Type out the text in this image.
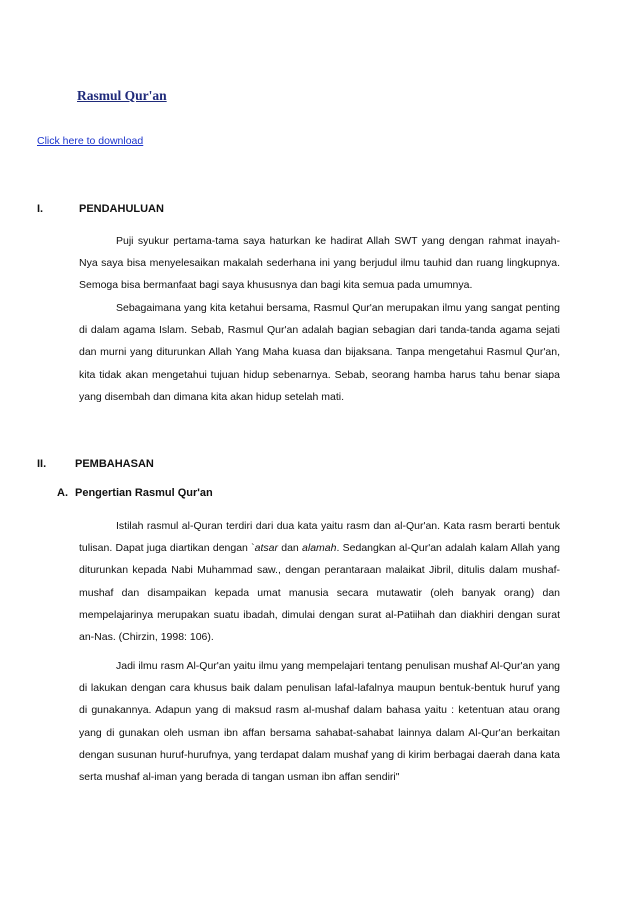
Rasmul Qur'an
Click here to download
I.	PENDAHULUAN

Puji syukur pertama-tama saya haturkan ke hadirat Allah SWT yang dengan rahmat inayah-Nya saya bisa menyelesaikan makalah sederhana ini yang berjudul ilmu tauhid dan ruang lingkupnya. Semoga bisa bermanfaat bagi saya khususnya dan bagi kita semua pada umumnya.

Sebagaimana yang kita ketahui bersama, Rasmul Qur'an merupakan ilmu yang sangat penting di dalam agama Islam. Sebab, Rasmul Qur'an adalah bagian sebagian dari tanda-tanda agama sejati dan murni yang diturunkan Allah Yang Maha kuasa dan bijaksana. Tanpa mengetahui Rasmul Qur'an, kita tidak akan mengetahui tujuan hidup sebenarnya. Sebab, seorang hamba harus tahu benar siapa yang disembah dan dimana kita akan hidup setelah mati.

II.	PEMBAHASAN
A. Pengertian Rasmul Qur'an

Istilah rasmul al-Quran terdiri dari dua kata yaitu rasm dan al-Qur'an. Kata rasm berarti bentuk tulisan. Dapat juga diartikan dengan `atsar dan alamah. Sedangkan al-Qur'an adalah kalam Allah yang diturunkan kepada Nabi Muhammad saw., dengan perantaraan malaikat Jibril, ditulis dalam mushaf-mushaf dan disampaikan kepada umat manusia secara mutawatir (oleh banyak orang) dan mempelajarinya merupakan suatu ibadah, dimulai dengan surat al-Patiihah dan diakhiri dengan surat an-Nas. (Chirzin, 1998: 106).

Jadi ilmu rasm Al-Qur'an yaitu ilmu yang mempelajari tentang penulisan mushaf Al-Qur'an yang di lakukan dengan cara khusus baik dalam penulisan lafal-lafalnya maupun bentuk-bentuk huruf yang di gunakannya. Adapun yang di maksud rasm al-mushaf dalam bahasa yaitu : ketentuan atau orang yang di gunakan oleh usman ibn affan bersama sahabat-sahabat lainnya dalam Al-Qur'an berkaitan dengan susunan huruf-hurufnya, yang terdapat dalam mushaf yang di kirim berbagai daerah dana kata serta mushaf al-iman yang berada di tangan usman ibn affan sendiri"
